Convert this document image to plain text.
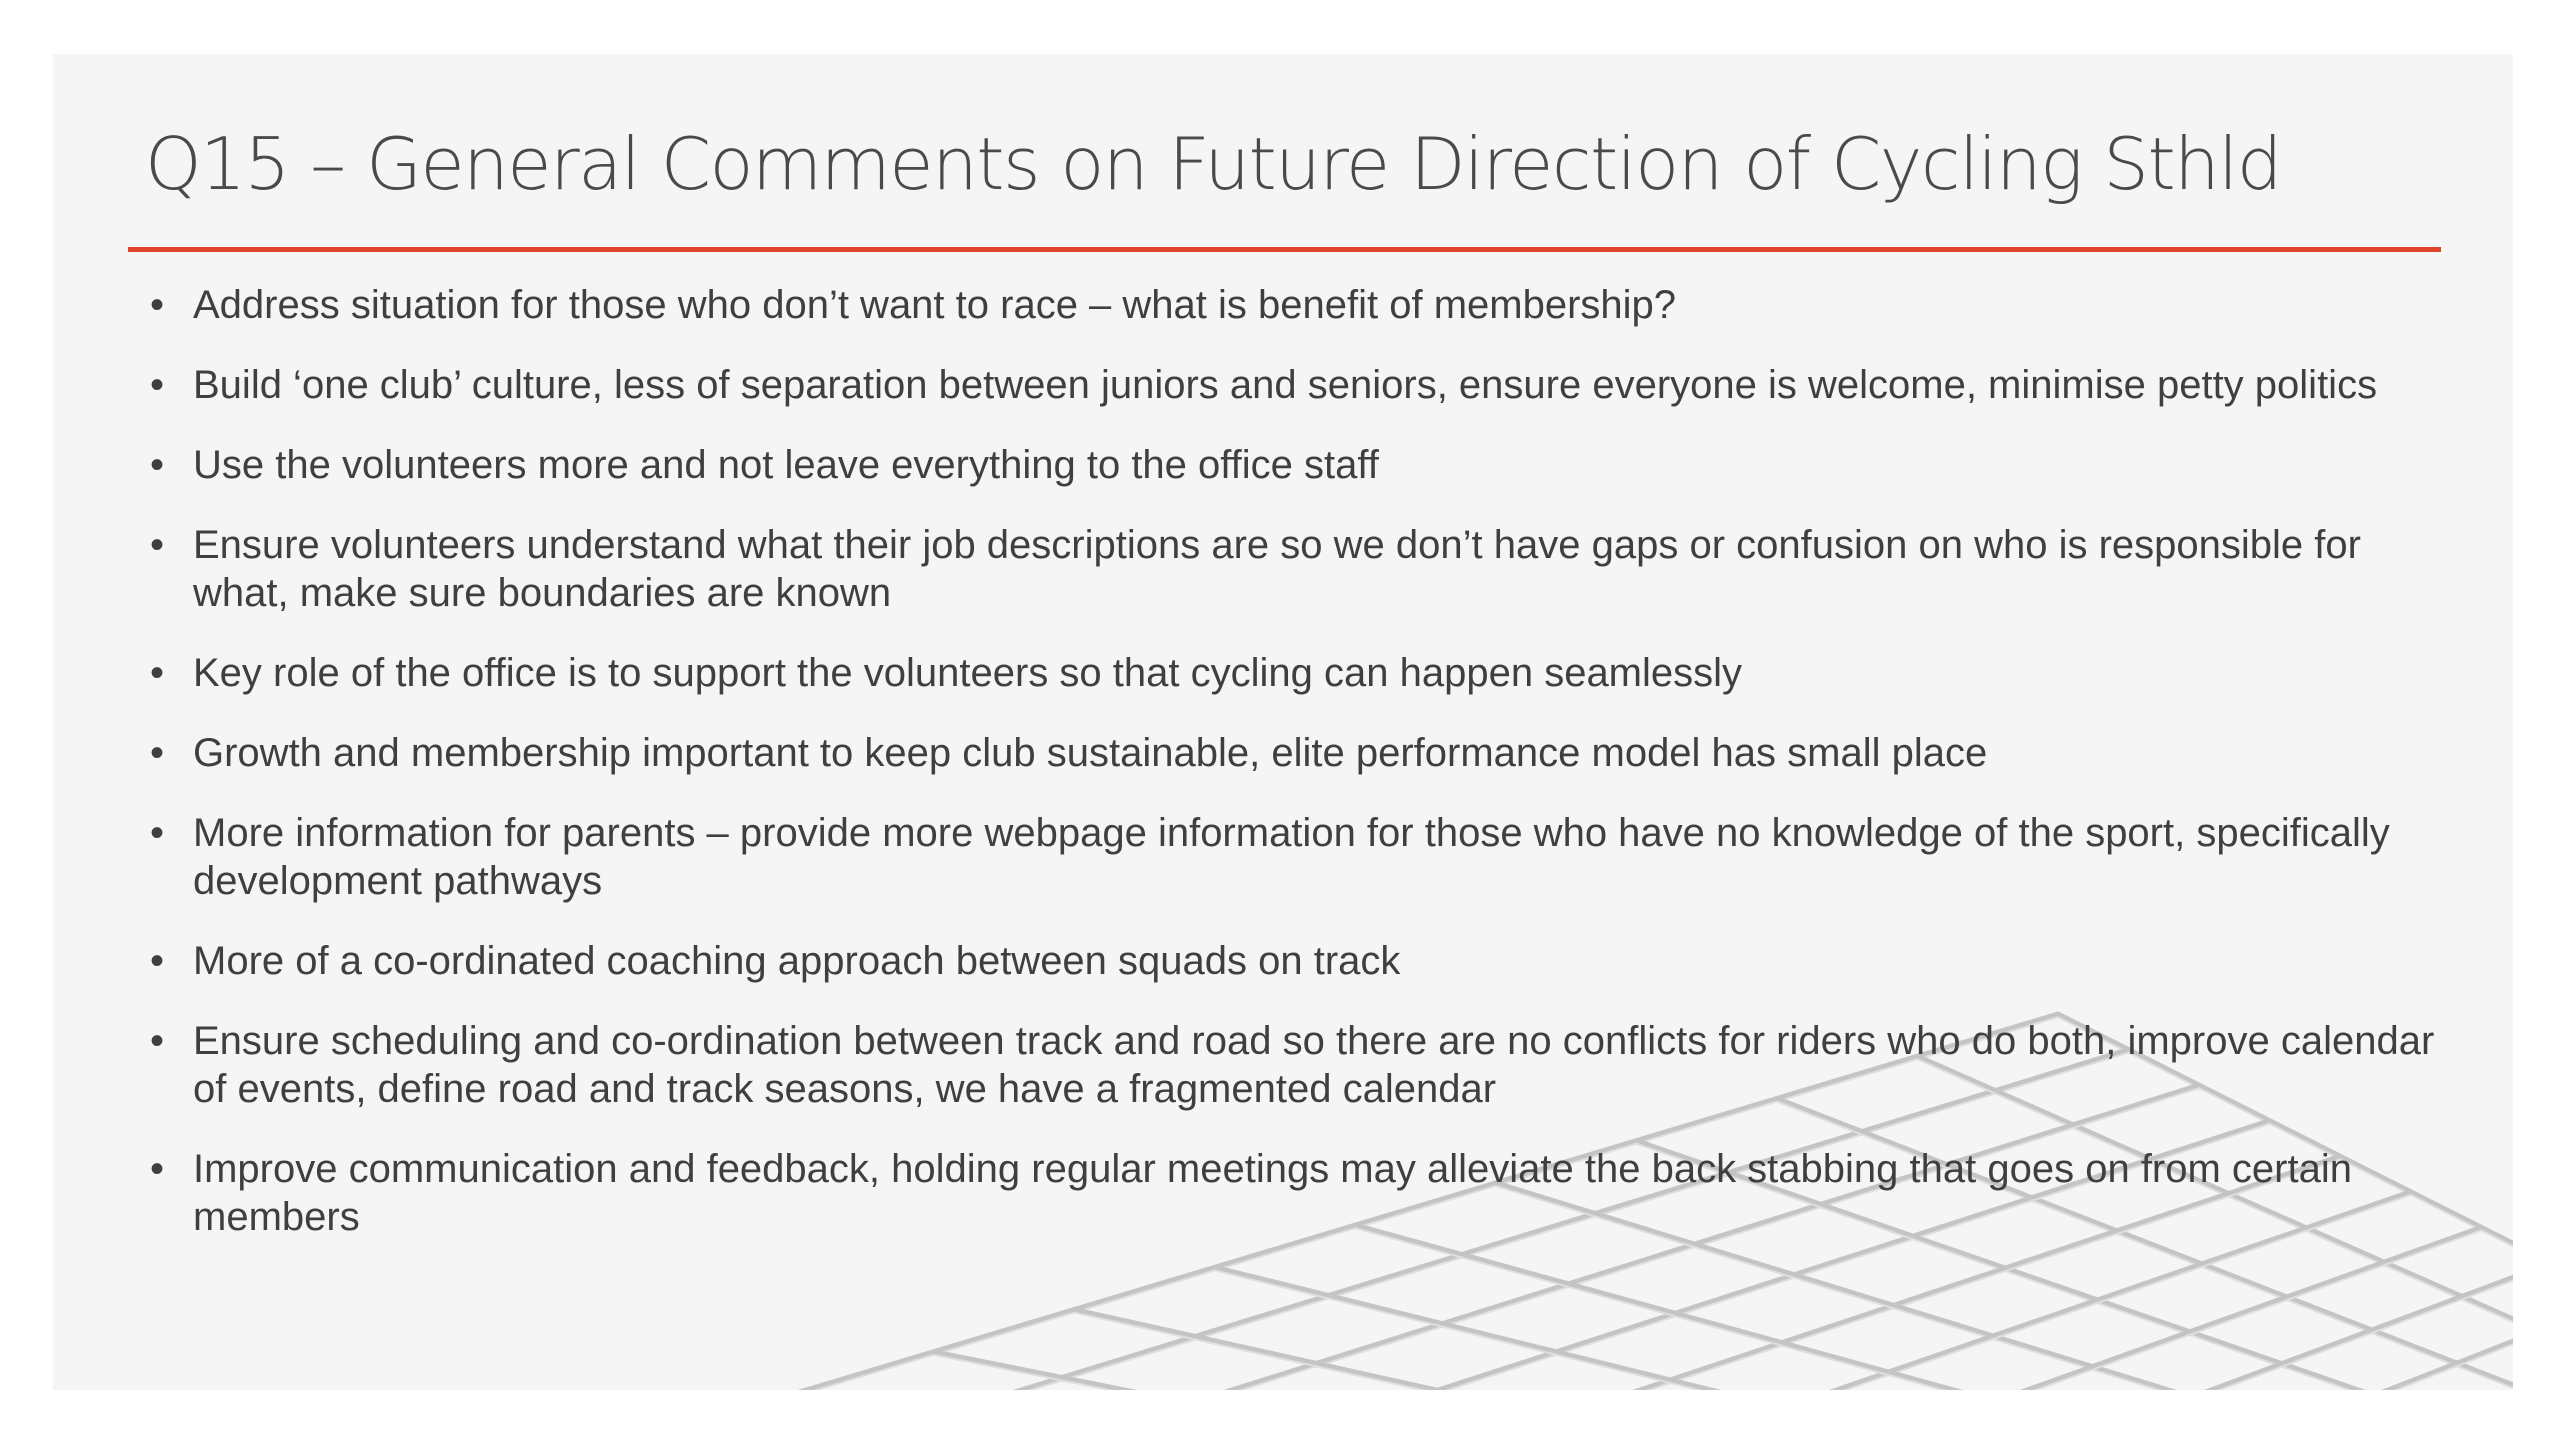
Q15 – General Comments on Future Direction of Cycling Sthld
• Address situation for those who don’t want to race – what is benefit of membership?
• Build ‘one club’ culture, less of separation between juniors and seniors, ensure everyone is welcome, minimise petty politics
• Use the volunteers more and not leave everything to the office staff
• Ensure volunteers understand what their job descriptions are so we don’t have gaps or confusion on who is responsible for what, make sure boundaries are known
• Key role of the office is to support the volunteers so that cycling can happen seamlessly
• Growth and membership important to keep club sustainable, elite performance model has small place
• More information for parents – provide more webpage information for those who have no knowledge of the sport, specifically development pathways
• More of a co-ordinated coaching approach between squads on track
• Ensure scheduling and co-ordination between track and road so there are no conflicts for riders who do both, improve calendar of events, define road and track seasons, we have a fragmented calendar
• Improve communication and feedback, holding regular meetings may alleviate the back stabbing that goes on from certain members
